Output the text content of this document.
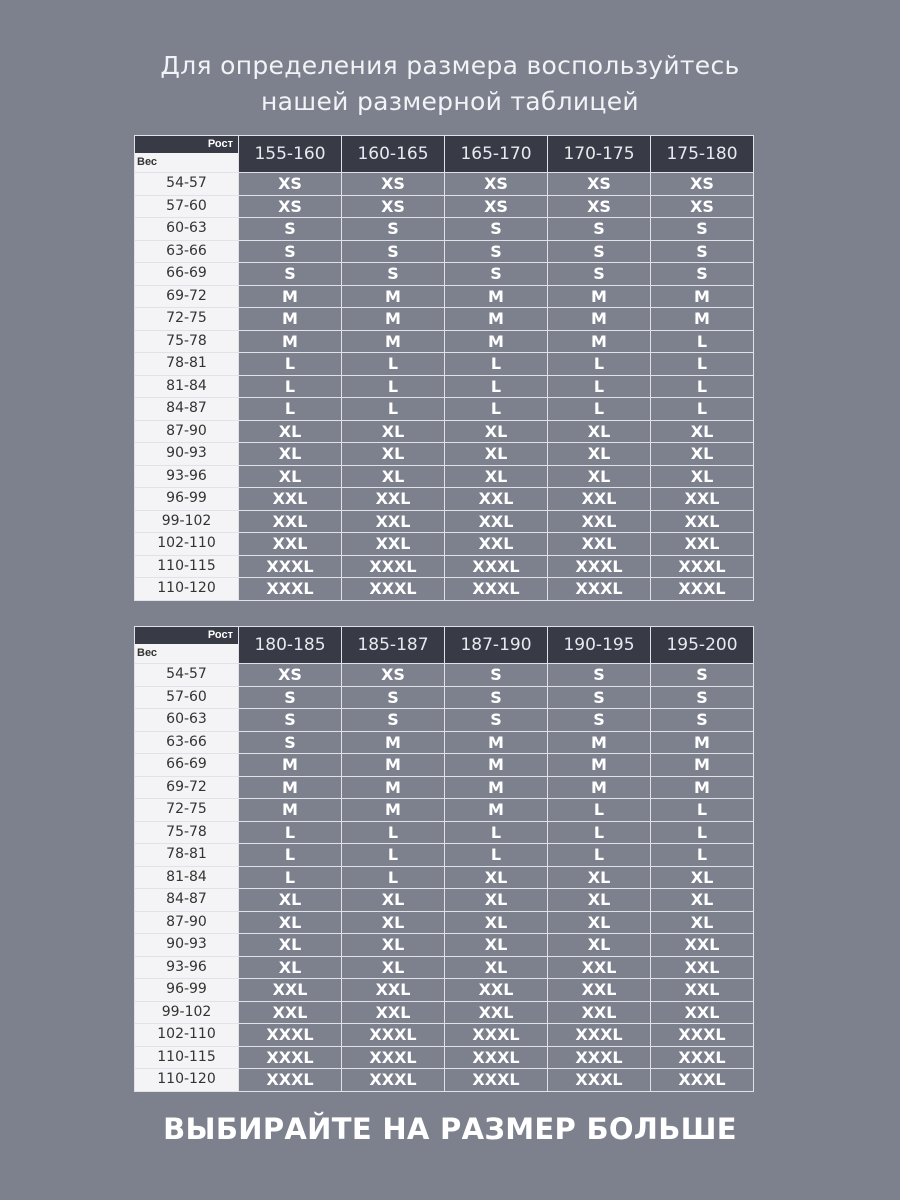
Для определения размера воспользуйтесь
нашей размерной таблицей
Рост
Вес	155-160	160-165	165-170	170-175	175-180
54-57	XS	XS	XS	XS	XS
57-60	XS	XS	XS	XS	XS
60-63	S	S	S	S	S
63-66	S	S	S	S	S
66-69	S	S	S	S	S
69-72	M	M	M	M	M
72-75	M	M	M	M	M
75-78	M	M	M	M	L
78-81	L	L	L	L	L
81-84	L	L	L	L	L
84-87	L	L	L	L	L
87-90	XL	XL	XL	XL	XL
90-93	XL	XL	XL	XL	XL
93-96	XL	XL	XL	XL	XL
96-99	XXL	XXL	XXL	XXL	XXL
99-102	XXL	XXL	XXL	XXL	XXL
102-110	XXL	XXL	XXL	XXL	XXL
110-115	XXXL	XXXL	XXXL	XXXL	XXXL
110-120	XXXL	XXXL	XXXL	XXXL	XXXL
Рост
Вес	180-185	185-187	187-190	190-195	195-200
54-57	XS	XS	S	S	S
57-60	S	S	S	S	S
60-63	S	S	S	S	S
63-66	S	M	M	M	M
66-69	M	M	M	M	M
69-72	M	M	M	M	M
72-75	M	M	M	L	L
75-78	L	L	L	L	L
78-81	L	L	L	L	L
81-84	L	L	XL	XL	XL
84-87	XL	XL	XL	XL	XL
87-90	XL	XL	XL	XL	XL
90-93	XL	XL	XL	XL	XXL
93-96	XL	XL	XL	XXL	XXL
96-99	XXL	XXL	XXL	XXL	XXL
99-102	XXL	XXL	XXL	XXL	XXL
102-110	XXXL	XXXL	XXXL	XXXL	XXXL
110-115	XXXL	XXXL	XXXL	XXXL	XXXL
110-120	XXXL	XXXL	XXXL	XXXL	XXXL
ВЫБИРАЙТЕ НА РАЗМЕР БОЛЬШЕ
